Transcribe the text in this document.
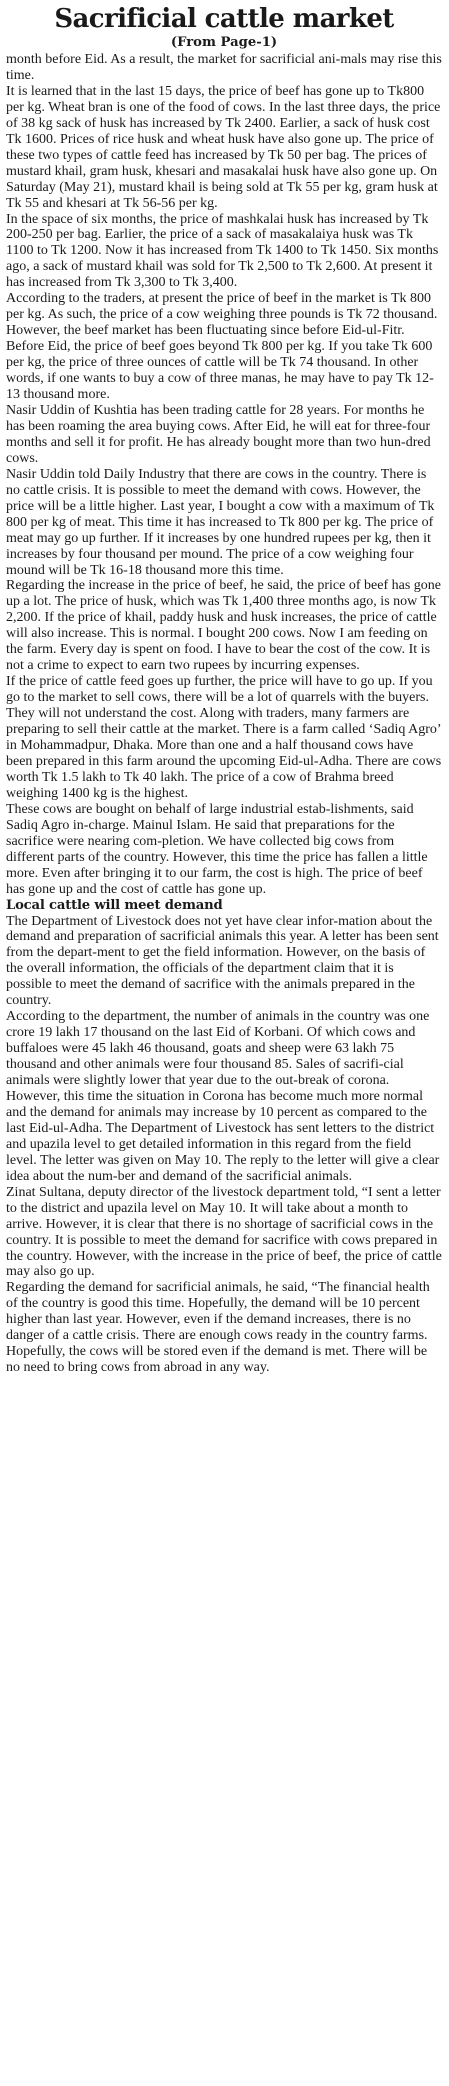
Sacrificial cattle market
(From Page-1)

month before Eid. As a result, the market for sacrificial ani-mals may rise this time.

It is learned that in the last 15 days, the price of beef has gone up to Tk800 per kg. Wheat bran is one of the food of cows. In the last three days, the price of 38 kg sack of husk has increased by Tk 2400. Earlier, a sack of husk cost Tk 1600. Prices of rice husk and wheat husk have also gone up. The price of these two types of cattle feed has increased by Tk 50 per bag. The prices of mustard khail, gram husk, khesari and masakalai husk have also gone up. On Saturday (May 21), mustard khail is being sold at Tk 55 per kg, gram husk at Tk 55 and khesari at Tk 56-56 per kg.

In the space of six months, the price of mashkalai husk has increased by Tk 200-250 per bag. Earlier, the price of a sack of masakalaiya husk was Tk 1100 to Tk 1200. Now it has increased from Tk 1400 to Tk 1450. Six months ago, a sack of mustard khail was sold for Tk 2,500 to Tk 2,600. At present it has increased from Tk 3,300 to Tk 3,400.

According to the traders, at present the price of beef in the market is Tk 800 per kg. As such, the price of a cow weighing three pounds is Tk 72 thousand. However, the beef market has been fluctuating since before Eid-ul-Fitr. Before Eid, the price of beef goes beyond Tk 800 per kg. If you take Tk 600 per kg, the price of three ounces of cattle will be Tk 74 thousand. In other words, if one wants to buy a cow of three manas, he may have to pay Tk 12-13 thousand more.

Nasir Uddin of Kushtia has been trading cattle for 28 years. For months he has been roaming the area buying cows. After Eid, he will eat for three-four months and sell it for profit. He has already bought more than two hun-dred cows.

Nasir Uddin told Daily Industry that there are cows in the country. There is no cattle crisis. It is possible to meet the demand with cows. However, the price will be a little higher. Last year, I bought a cow with a maximum of Tk 800 per kg of meat. This time it has increased to Tk 800 per kg. The price of meat may go up further. If it increases by one hundred rupees per kg, then it increases by four thousand per mound. The price of a cow weighing four mound will be Tk 16-18 thousand more this time.

Regarding the increase in the price of beef, he said, the price of beef has gone up a lot. The price of husk, which was Tk 1,400 three months ago, is now Tk 2,200. If the price of khail, paddy husk and husk increases, the price of cattle will also increase. This is normal. I bought 200 cows. Now I am feeding on the farm. Every day is spent on food. I have to bear the cost of the cow. It is not a crime to expect to earn two rupees by incurring expenses.

If the price of cattle feed goes up further, the price will have to go up. If you go to the market to sell cows, there will be a lot of quarrels with the buyers. They will not understand the cost. Along with traders, many farmers are preparing to sell their cattle at the market. There is a farm called ‘Sadiq Agro’ in Mohammadpur, Dhaka. More than one and a half thousand cows have been prepared in this farm around the upcoming Eid-ul-Adha. There are cows worth Tk 1.5 lakh to Tk 40 lakh. The price of a cow of Brahma breed weighing 1400 kg is the highest.

These cows are bought on behalf of large industrial estab-lishments, said Sadiq Agro in-charge. Mainul Islam. He said that preparations for the sacrifice were nearing com-pletion. We have collected big cows from different parts of the country. However, this time the price has fallen a little more. Even after bringing it to our farm, the cost is high. The price of beef has gone up and the cost of cattle has gone up.

Local cattle will meet demand

The Department of Livestock does not yet have clear infor-mation about the demand and preparation of sacrificial animals this year. A letter has been sent from the depart-ment to get the field information. However, on the basis of the overall information, the officials of the department claim that it is possible to meet the demand of sacrifice with the animals prepared in the country.

According to the department, the number of animals in the country was one crore 19 lakh 17 thousand on the last Eid of Korbani. Of which cows and buffaloes were 45 lakh 46 thousand, goats and sheep were 63 lakh 75 thousand and other animals were four thousand 85. Sales of sacrifi-cial animals were slightly lower that year due to the out-break of corona.

However, this time the situation in Corona has become much more normal and the demand for animals may increase by 10 percent as compared to the last Eid-ul-Adha. The Department of Livestock has sent letters to the district and upazila level to get detailed information in this regard from the field level. The letter was given on May 10. The reply to the letter will give a clear idea about the num-ber and demand of the sacrificial animals.

Zinat Sultana, deputy director of the livestock department told, “I sent a letter to the district and upazila level on May 10. It will take about a month to arrive. However, it is clear that there is no shortage of sacrificial cows in the country. It is possible to meet the demand for sacrifice with cows prepared in the country. However, with the increase in the price of beef, the price of cattle may also go up.

Regarding the demand for sacrificial animals, he said, “The financial health of the country is good this time. Hopefully, the demand will be 10 percent higher than last year. However, even if the demand increases, there is no danger of a cattle crisis. There are enough cows ready in the country farms. Hopefully, the cows will be stored even if the demand is met. There will be no need to bring cows from abroad in any way.
